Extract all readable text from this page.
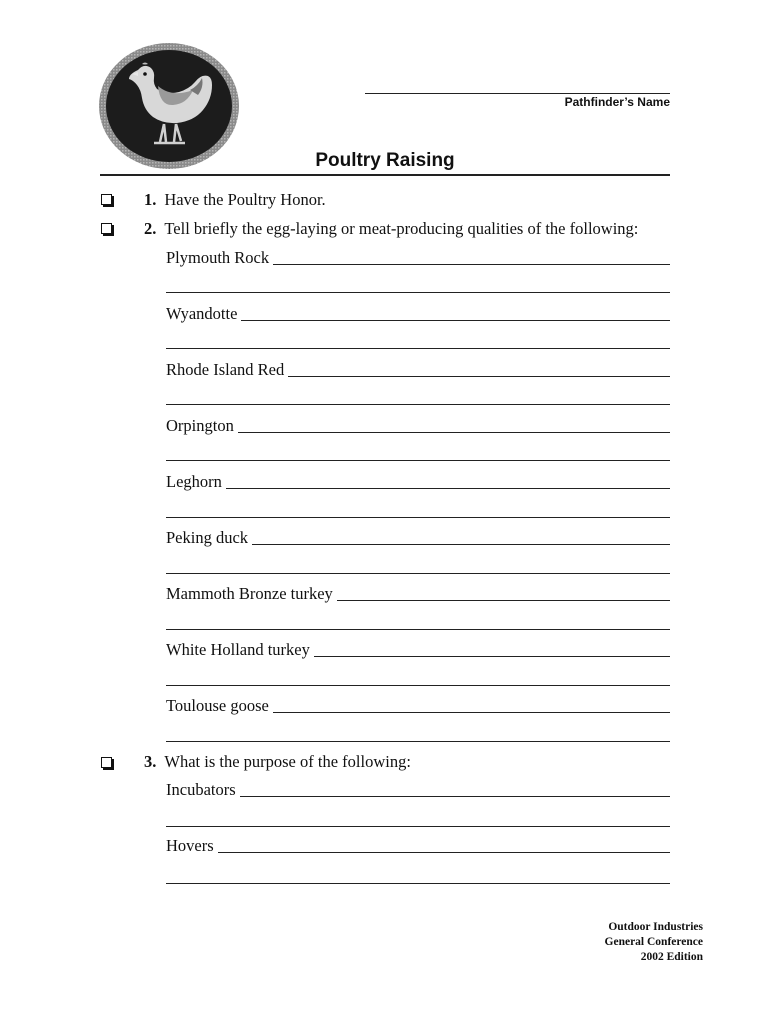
Pathfinder’s Name
Poultry Raising
1. Have the Poultry Honor.
2. Tell briefly the egg-laying or meat-producing qualities of the following:
Plymouth Rock
Wyandotte
Rhode Island Red
Orpington
Leghorn
Peking duck
Mammoth Bronze turkey
White Holland turkey
Toulouse goose
3. What is the purpose of the following:
Incubators
Hovers
Outdoor Industries
General Conference
2002 Edition
